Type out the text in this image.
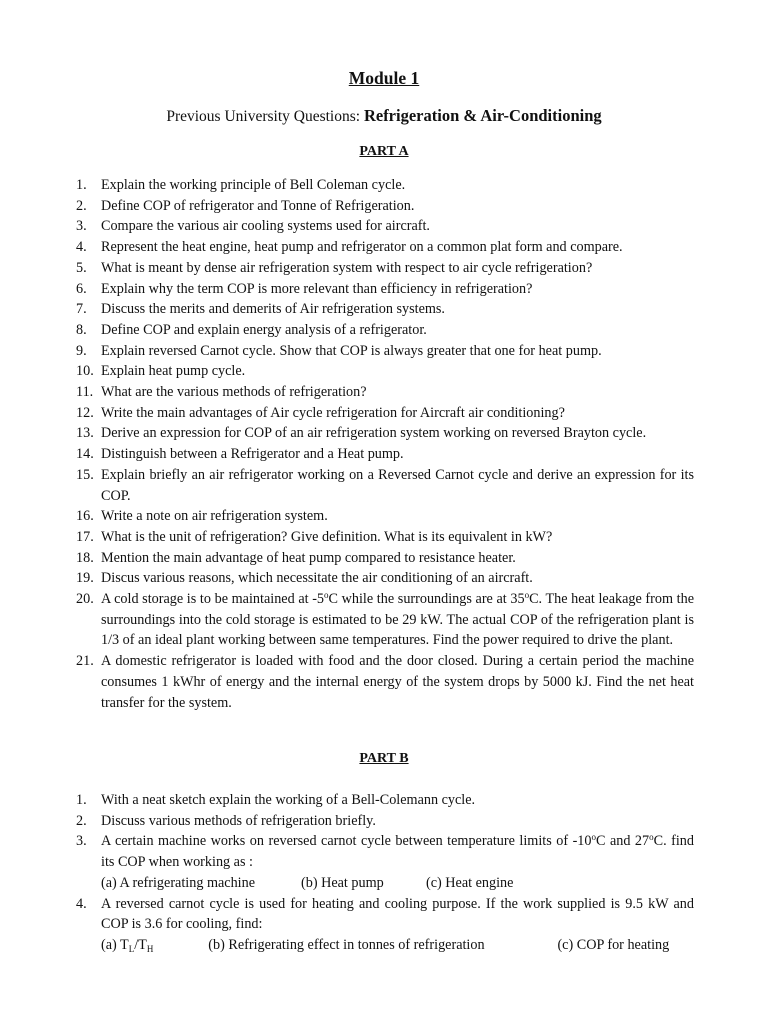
Module 1
Previous University Questions: Refrigeration & Air-Conditioning
PART A
1.	Explain the working principle of Bell Coleman cycle.
2.	Define COP of refrigerator and Tonne of Refrigeration.
3.	Compare the various air cooling systems used for aircraft.
4.	Represent the heat engine, heat pump and refrigerator on a common plat form and compare.
5.	What is meant by dense air refrigeration system with respect to air cycle refrigeration?
6.	Explain why the term COP is more relevant than efficiency in refrigeration?
7.	Discuss the merits and demerits of Air refrigeration systems.
8.	Define COP and explain energy analysis of a refrigerator.
9.	Explain reversed Carnot cycle. Show that COP is always greater that one for heat pump.
10. Explain heat pump cycle.
11. What are the various methods of refrigeration?
12. Write the main advantages of Air cycle refrigeration for Aircraft air conditioning?
13. Derive an expression for COP of an air refrigeration system working on reversed Brayton cycle.
14. Distinguish between a Refrigerator and a Heat pump.
15. Explain briefly an air refrigerator working on a Reversed Carnot cycle and derive an expression for its COP.
16. Write a note on air refrigeration system.
17. What is the unit of refrigeration? Give definition. What is its equivalent in kW?
18. Mention the main advantage of heat pump compared to resistance heater.
19. Discus various reasons, which necessitate the air conditioning of an aircraft.
20. A cold storage is to be maintained at -5$^o$C while the surroundings are at 35$^o$C. The heat leakage from the surroundings into the cold storage is estimated to be 29 kW. The actual COP of the refrigeration plant is 1/3 of an ideal plant working between same temperatures. Find the power required to drive the plant.
21. A domestic refrigerator is loaded with food and the door closed. During a certain period the machine consumes 1 kWhr of energy and the internal energy of the system drops by 5000 kJ. Find the net heat transfer for the system.
PART B
1.	With a neat sketch explain the working of a Bell-Colemann cycle.
2.	Discuss various methods of refrigeration briefly.
3.	A certain machine works on reversed carnot cycle between temperature limits of -10$^o$C and 27$^o$C. find its COP when working as :
(a) A refrigerating machine	(b) Heat pump	(c) Heat engine
4.	A reversed carnot cycle is used for heating and cooling purpose. If the work supplied is 9.5 kW and COP is 3.6 for cooling, find:
(a) $T_L/T_H$	(b) Refrigerating effect in tonnes of refrigeration	(c) COP for heating
